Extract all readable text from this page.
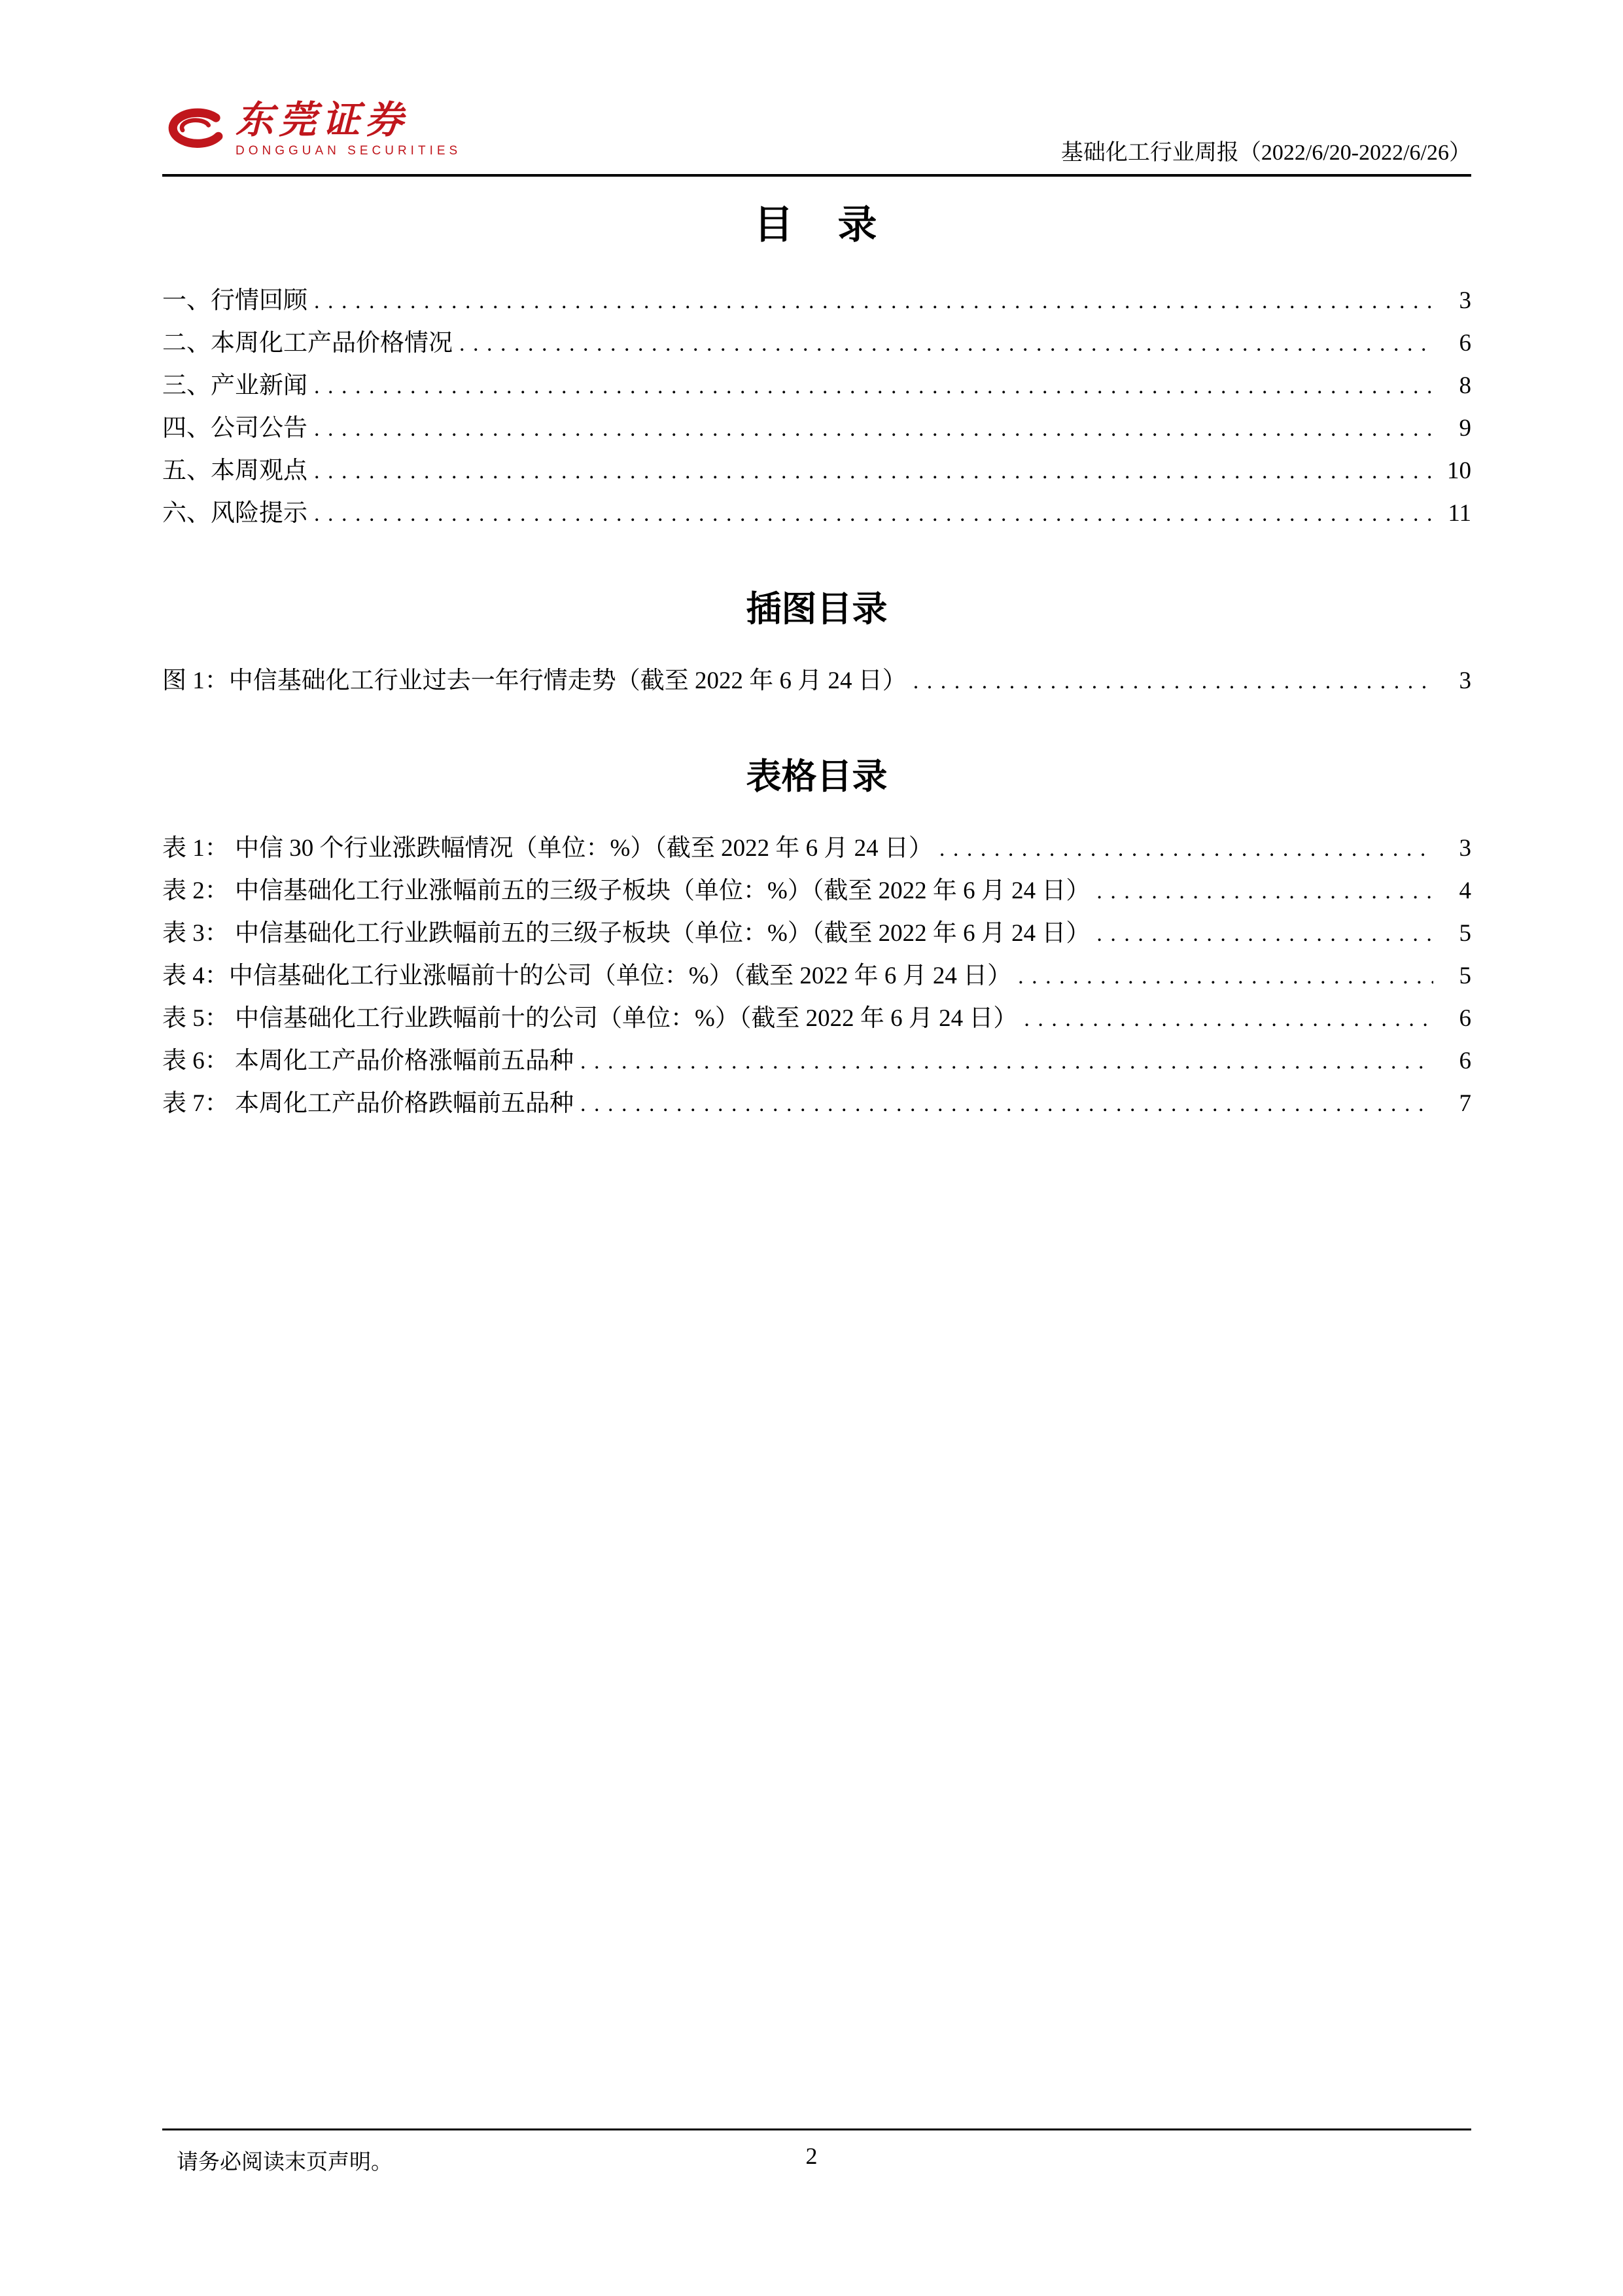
东莞证券
DONGGUAN SECURITIES	基础化工行业周报（2022/6/20-2022/6/26）
目　录
一、行情回顾 . . .	3
二、本周化工产品价格情况 . . .	6
三、产业新闻 . . .	8
四、公司公告 . . .	9
五、本周观点 . . .	10
六、风险提示 . . .	11
插图目录
图 1：中信基础化工行业过去一年行情走势（截至 2022 年 6 月 24 日） . . .	3
表格目录
表 1： 中信 30 个行业涨跌幅情况（单位：%）（截至 2022 年 6 月 24 日） . . .	3
表 2： 中信基础化工行业涨幅前五的三级子板块（单位：%）（截至 2022 年 6 月 24 日） . . .	4
表 3： 中信基础化工行业跌幅前五的三级子板块（单位：%）（截至 2022 年 6 月 24 日） . . .	5
表 4：中信基础化工行业涨幅前十的公司（单位：%）（截至 2022 年 6 月 24 日） . . .	5
表 5： 中信基础化工行业跌幅前十的公司（单位：%）（截至 2022 年 6 月 24 日） . . .	6
表 6： 本周化工产品价格涨幅前五品种 . . .	6
表 7： 本周化工产品价格跌幅前五品种 . . .	7
请务必阅读末页声明。	2
